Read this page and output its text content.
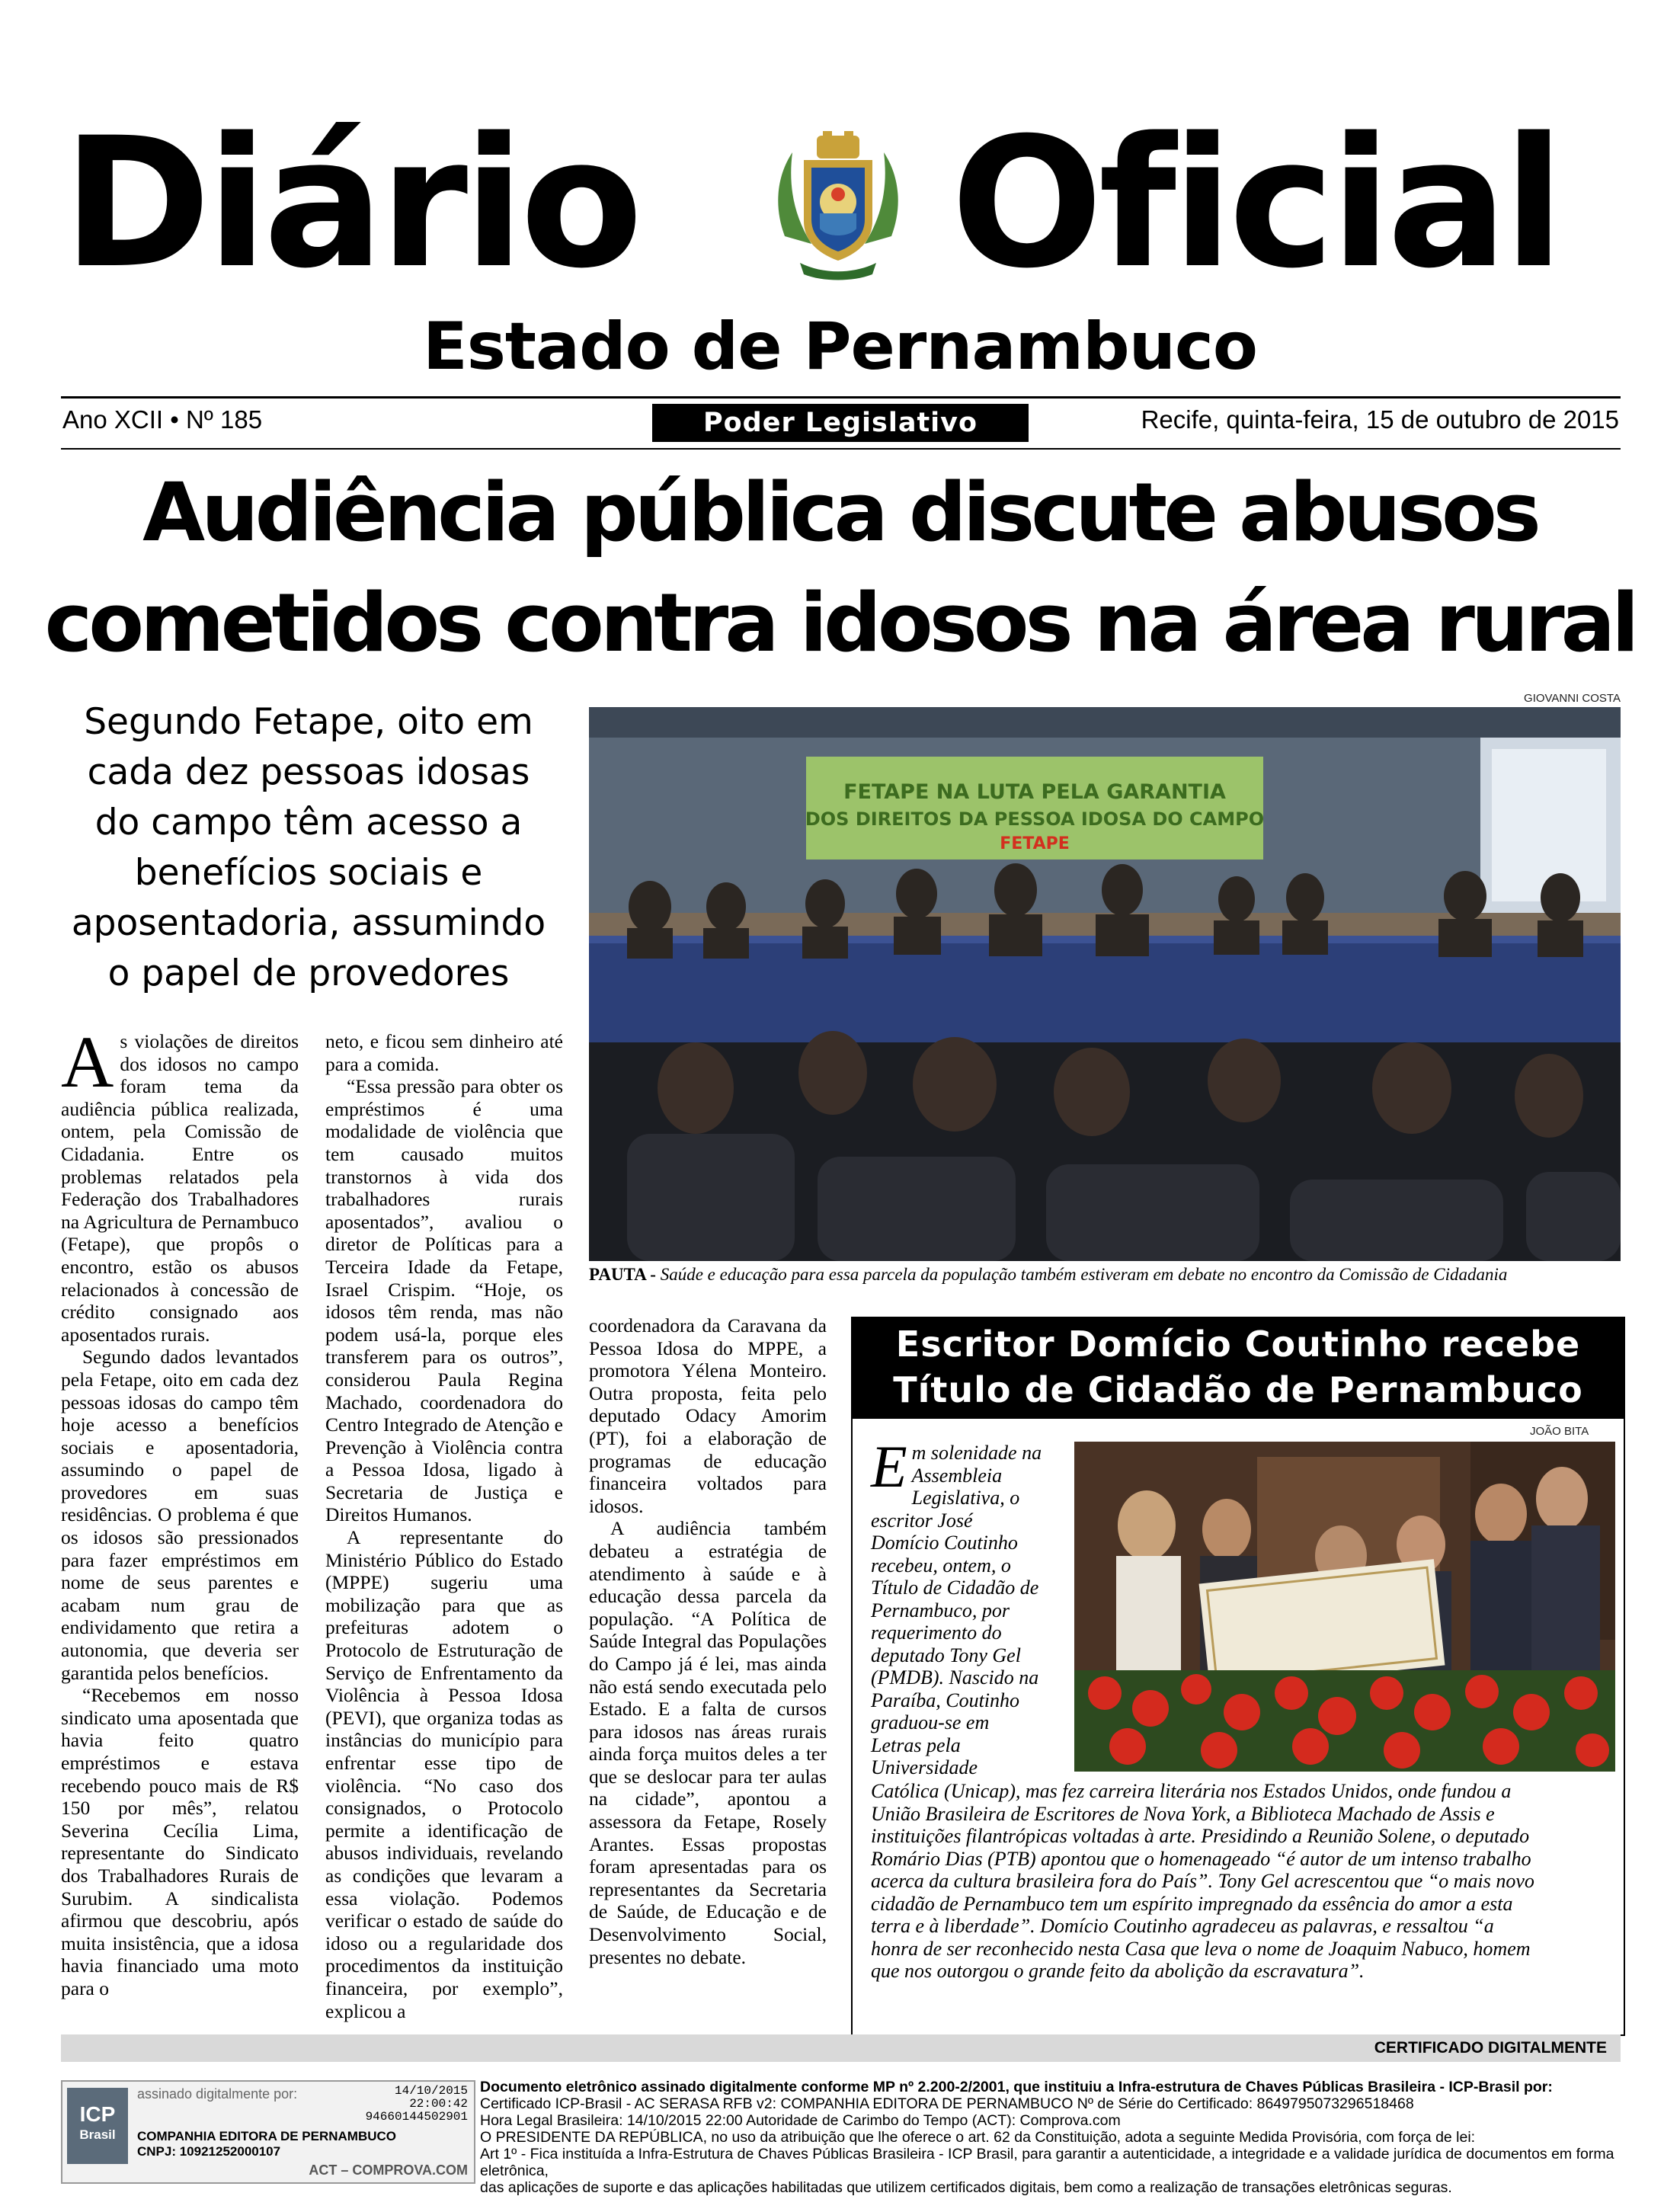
Diário Oficial
Estado de Pernambuco
Ano XCII • Nº 185	Poder Legislativo	Recife, quinta-feira, 15 de outubro de 2015
Audiência pública discute abusos
cometidos contra idosos na área rural
Segundo Fetape, oito em
cada dez pessoas idosas
do campo têm acesso a
benefícios sociais e
aposentadoria, assumindo
o papel de provedores
GIOVANNI COSTA
FETAPE NA LUTA PELA GARANTIA
DOS DIREITOS DA PESSOA IDOSA DO CAMPO
FETAPE
PAUTA - Saúde e educação para essa parcela da população também estiveram em debate no encontro da Comissão de Cidadania

As violações de direitos dos idosos no campo foram tema da audiência pública realizada, ontem, pela Comissão de Cidadania. Entre os problemas relatados pela Federação dos Trabalhadores na Agricultura de Pernambuco (Fetape), que propôs o encontro, estão os abusos relacionados à concessão de crédito consignado aos aposentados rurais.

Segundo dados levantados pela Fetape, oito em cada dez pessoas idosas do campo têm hoje acesso a benefícios sociais e aposentadoria, assumindo o papel de provedores em suas residências. O problema é que os idosos são pressionados para fazer empréstimos em nome de seus parentes e acabam num grau de endividamento que retira a autonomia, que deveria ser garantida pelos benefícios.

“Recebemos em nosso sindicato uma aposentada que havia feito quatro empréstimos e estava recebendo pouco mais de R$ 150 por mês”, relatou Severina Cecília Lima, representante do Sindicato dos Trabalhadores Rurais de Surubim. A sindicalista afirmou que descobriu, após muita insistência, que a idosa havia financiado uma moto para o

neto, e ficou sem dinheiro até para a comida.

“Essa pressão para obter os empréstimos é uma modalidade de violência que tem causado muitos transtornos à vida dos trabalhadores rurais aposentados”, avaliou o diretor de Políticas para a Terceira Idade da Fetape, Israel Crispim. “Hoje, os idosos têm renda, mas não podem usá-la, porque eles transferem para os outros”, considerou Paula Regina Machado, coordenadora do Centro Integrado de Atenção e Prevenção à Violência contra a Pessoa Idosa, ligado à Secretaria de Justiça e Direitos Humanos.

A representante do Ministério Público do Estado (MPPE) sugeriu uma mobilização para que as prefeituras adotem o Protocolo de Estruturação de Serviço de Enfrentamento da Violência à Pessoa Idosa (PEVI), que organiza todas as instâncias do município para enfrentar esse tipo de violência. “No caso dos consignados, o Protocolo permite a identificação de abusos individuais, revelando as condições que levaram a essa violação. Podemos verificar o estado de saúde do idoso ou a regularidade dos procedimentos da instituição financeira, por exemplo”, explicou a

coordenadora da Caravana da Pessoa Idosa do MPPE, a promotora Yélena Monteiro. Outra proposta, feita pelo deputado Odacy Amorim (PT), foi a elaboração de programas de educação financeira voltados para idosos.

A audiência também debateu a estratégia de atendimento à saúde e à educação dessa parcela da população. “A Política de Saúde Integral das Populações do Campo já é lei, mas ainda não está sendo executada pelo Estado. E a falta de cursos para idosos nas áreas rurais ainda força muitos deles a ter que se deslocar para ter aulas na cidade”, apontou a assessora da Fetape, Rosely Arantes. Essas propostas foram apresentadas para os representantes da Secretaria de Saúde, de Educação e de Desenvolvimento Social, presentes no debate.

Escritor Domício Coutinho recebe
Título de Cidadão de Pernambuco
JOÃO BITA
Em solenidade na
Assembleia
Legislativa, o
escritor José
Domício Coutinho
recebeu, ontem, o
Título de Cidadão de
Pernambuco, por
requerimento do
deputado Tony Gel
(PMDB). Nascido na
Paraíba, Coutinho
graduou-se em
Letras pela
Universidade
Católica (Unicap), mas fez carreira literária nos Estados Unidos, onde fundou a
União Brasileira de Escritores de Nova York, a Biblioteca Machado de Assis e
instituições filantrópicas voltadas à arte. Presidindo a Reunião Solene, o deputado
Romário Dias (PTB) apontou que o homenageado “é autor de um intenso trabalho
acerca da cultura brasileira fora do País”. Tony Gel acrescentou que “o mais novo
cidadão de Pernambuco tem um espírito impregnado da essência do amor a esta
terra e à liberdade”. Domício Coutinho agradeceu as palavras, e ressaltou “a
honra de ser reconhecido nesta Casa que leva o nome de Joaquim Nabuco, homem
que nos outorgou o grande feito da abolição da escravatura”.
CERTIFICADO DIGITALMENTE
ICP
Brasil
assinado digitalmente por:	14/10/2015
22:00:42
94660144502901
COMPANHIA EDITORA DE PERNAMBUCO
CNPJ: 10921252000107
ACT – COMPROVA.COM
Documento eletrônico assinado digitalmente conforme MP nº 2.200-2/2001, que instituiu a Infra-estrutura de Chaves Públicas Brasileira - ICP-Brasil por:
Certificado ICP-Brasil - AC SERASA RFB v2: COMPANHIA EDITORA DE PERNAMBUCO Nº de Série do Certificado: 8649795073296518468
Hora Legal Brasileira: 14/10/2015 22:00 Autoridade de Carimbo do Tempo (ACT): Comprova.com
O PRESIDENTE DA REPÚBLICA, no uso da atribuição que lhe oferece o art. 62 da Constituição, adota a seguinte Medida Provisória, com força de lei:
Art 1º - Fica instituída a Infra-Estrutura de Chaves Públicas Brasileira - ICP Brasil, para garantir a autenticidade, a integridade e a validade jurídica de documentos em forma eletrônica,
das aplicações de suporte e das aplicações habilitadas que utilizem certificados digitais, bem como a realização de transações eletrônicas seguras.
